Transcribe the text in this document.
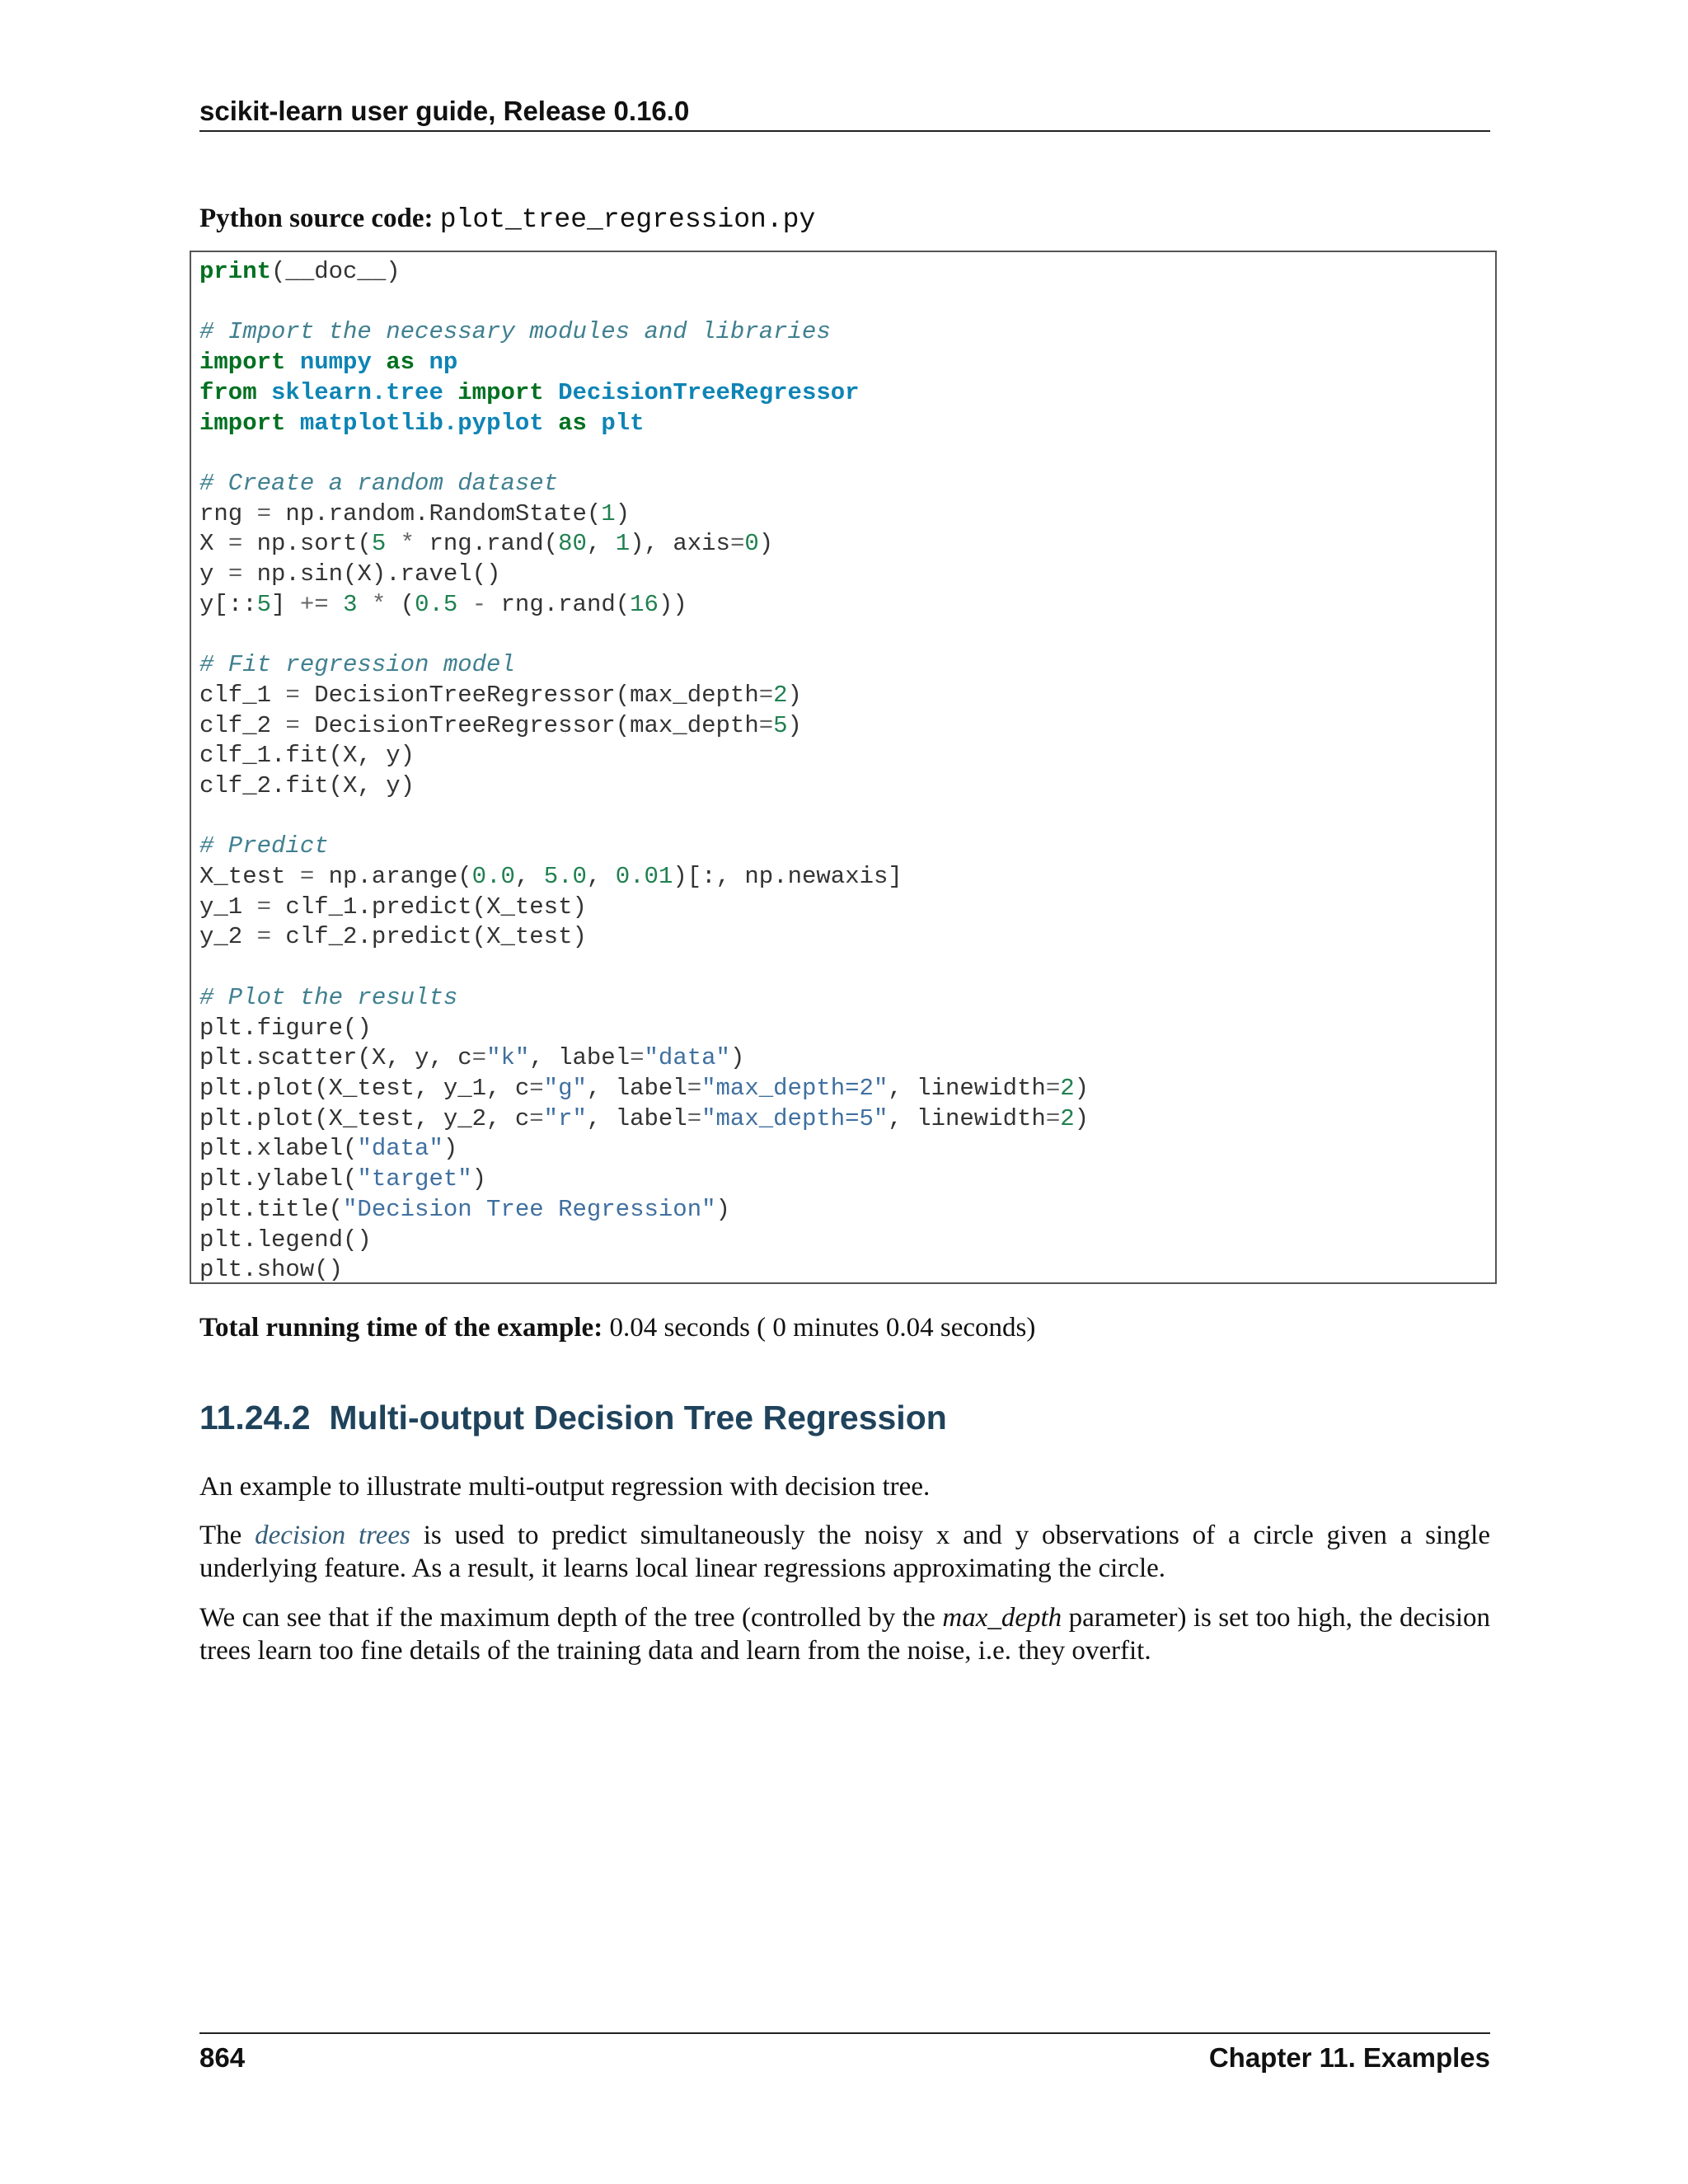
scikit-learn user guide, Release 0.16.0
Python source code: plot_tree_regression.py
print(__doc__)

# Import the necessary modules and libraries
import numpy as np
from sklearn.tree import DecisionTreeRegressor
import matplotlib.pyplot as plt

# Create a random dataset
rng = np.random.RandomState(1)
X = np.sort(5 * rng.rand(80, 1), axis=0)
y = np.sin(X).ravel()
y[::5] += 3 * (0.5 - rng.rand(16))

# Fit regression model
clf_1 = DecisionTreeRegressor(max_depth=2)
clf_2 = DecisionTreeRegressor(max_depth=5)
clf_1.fit(X, y)
clf_2.fit(X, y)

# Predict
X_test = np.arange(0.0, 5.0, 0.01)[:, np.newaxis]
y_1 = clf_1.predict(X_test)
y_2 = clf_2.predict(X_test)

# Plot the results
plt.figure()
plt.scatter(X, y, c="k", label="data")
plt.plot(X_test, y_1, c="g", label="max_depth=2", linewidth=2)
plt.plot(X_test, y_2, c="r", label="max_depth=5", linewidth=2)
plt.xlabel("data")
plt.ylabel("target")
plt.title("Decision Tree Regression")
plt.legend()
plt.show()
Total running time of the example: 0.04 seconds ( 0 minutes 0.04 seconds)
11.24.2  Multi-output Decision Tree Regression

An example to illustrate multi-output regression with decision tree.

The decision trees is used to predict simultaneously the noisy x and y observations of a circle given a single underlying feature. As a result, it learns local linear regressions approximating the circle.

We can see that if the maximum depth of the tree (controlled by the max_depth parameter) is set too high, the decision trees learn too fine details of the training data and learn from the noise, i.e. they overfit.

864	Chapter 11. Examples
